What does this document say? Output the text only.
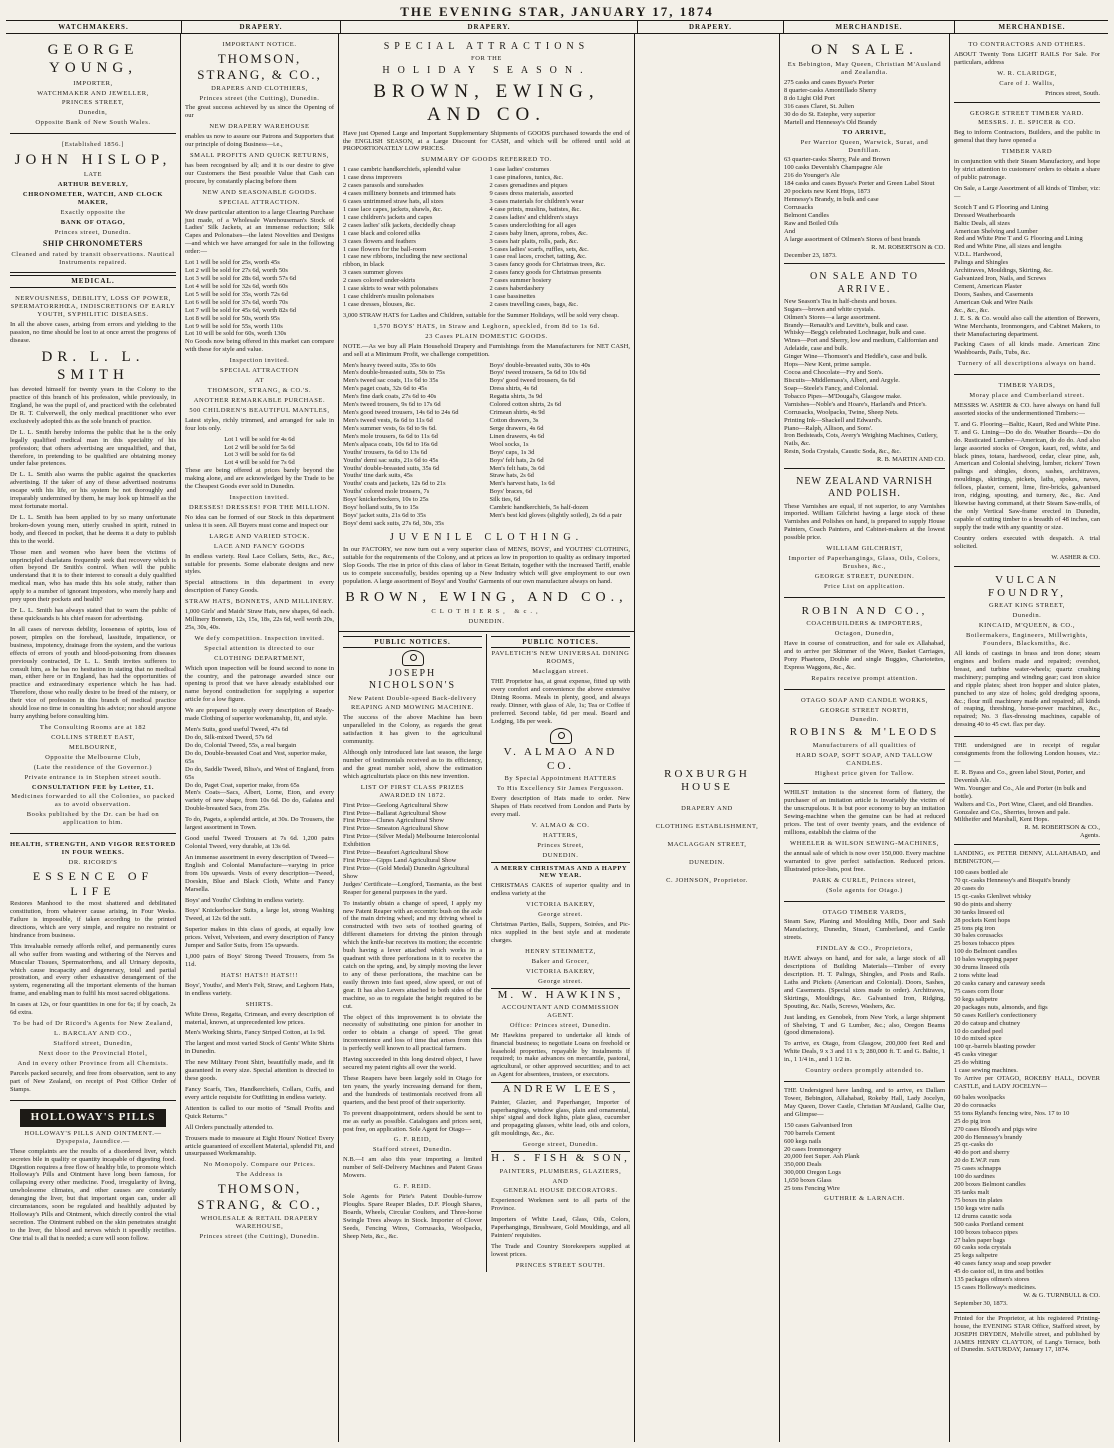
THE EVENING STAR, JANUARY 17, 1874
WATCHMAKERS.	DRAPERY.	DRAPERY.	DRAPERY.	MERCHANDISE.	MERCHANDISE.
GEORGE YOUNG,
IMPORTER,
WATCHMAKER AND JEWELLER,
PRINCES STREET,
Dunedin,
Opposite Bank of New South Wales.
[Established 1856.]
JOHN HISLOP,
LATE
ARTHUR BEVERLY,
CHRONOMETER, WATCH, AND CLOCK MAKER,
Exactly opposite the
BANK OF OTAGO,
Princes street, Dunedin.
SHIP CHRONOMETERS
Cleaned and rated by transit observations. Nautical Instruments repaired.
MEDICAL.
NERVOUSNESS, DEBILITY, LOSS OF POWER, SPERMATORRHŒA, INDISCRETIONS OF EARLY YOUTH, SYPHILITIC DISEASES.

In all the above cases, arising from errors and yielding to the passion, no time should be lost to at once arrest the progress of disease.

DR. L. L. SMITH

has devoted himself for twenty years in the Colony to the practice of this branch of his profession, while previously, in England, he was the pupil of, and practiced with the celebrated Dr R. T. Culverwell, the only medical practitioner who ever exclusively adopted this as the sole branch of practice.

Dr L. L. Smith hereby informs the public that he is the only legally qualified medical man in this speciality of his profession; that others advertising are unqualified, and that, therefore, in pretending to be qualified are obtaining money under false pretences.

Dr L. L. Smith also warns the public against the quackeries advertising. If the taker of any of these advertised nostrums escape with his life, or his system be not thoroughly and irreparably undermined by them, he may look up himself as the most fortunate mortal.

Dr L. L. Smith has been applied to by so many unfortunate broken-down young men, utterly crushed in spirit, ruined in body, and fleeced in pocket, that he deems it a duty to publish this to the world.

Those men and women who have been the victims of unprincipled charlatans frequently seek that recovery which is often beyond Dr Smith's control. When will the public understand that it is to their interest to consult a duly qualified medical man, who has made this his sole study, rather than apply to a number of ignorant impostors, who merely harp and prey upon their pockets and health?

Dr L. L. Smith has always stated that to warn the public of these quicksands is his chief reason for advertising.

In all cases of nervous debility, looseness of spirits, loss of power, pimples on the forehead, lassitude, impatience, or business, impotency, drainage from the system, and the various effects of errors of youth and blood-poisoning from diseases previously contracted, Dr L. L. Smith invites sufferers to consult him, as he has no hesitation in stating that no medical man, either here or in England, has had the opportunities of practice and extraordinary experience which he has had. Therefore, those who really desire to be freed of the misery, or their vice of profession in this branch of medical practice should lose no time in consulting his advice; nor should anyone hurry anything before consulting him.

The Consulting Rooms are at 182
COLLINS STREET EAST,
MELBOURNE,
Opposite the Melbourne Club,
(Late the residence of the Governor.)
Private entrance is in Stephen street south.
CONSULTATION FEE by Letter, £1.
Medicines forwarded to all the Colonies, so packed as to avoid observation.
Books published by the Dr. can be had on application to him.
HEALTH, STRENGTH, AND VIGOR RESTORED IN FOUR WEEKS.
DR. RICORD'S
ESSENCE OF LIFE

Restores Manhood to the most shattered and debilitated constitution, from whatever cause arising, in Four Weeks. Failure is impossible, if taken according to the printed directions, which are very simple, and require no restraint or hindrance from business.

This invaluable remedy affords relief, and permanently cures all who suffer from wasting and withering of the Nerves and Muscular Tissues, Spermatorrhœa, and all Urinary deposits, which cause incapacity and degeneracy, total and partial prostration, and every other exhaustive derangement of the system, regenerating all the important elements of the human frame, and enabling man to fulfil his most sacred obligations.

In cases at 12s, or four quantities in one for 6s; if by coach, 2s 6d extra.

To be had of Dr Ricord's Agents for New Zealand,
L. BARCLAY AND CO.,
Stafford street, Dunedin,
Next door to the Provincial Hotel,
And in every other Province from all Chemists.

Parcels packed securely, and free from observation, sent to any part of New Zealand, on receipt of Post Office Order of Stamps.

HOLLOWAY'S PILLS
HOLLOWAY'S PILLS AND OINTMENT.—Dyspepsia, Jaundice.—

These complaints are the results of a disordered liver, which secretes bile in quality or quantity incapable of digesting food. Digestion requires a free flow of healthy bile, to promote which Holloway's Pills and Ointment have long been famous, for collapsing every other medicine. Food, irregularity of living, unwholesome climates, and other causes are constantly deranging the liver, but that important organ can, under all circumstances, soon be regulated and healthily adjusted by Holloway's Pills and Ointment, which directly control the vital secretion. The Ointment rubbed on the skin penetrates straight to the liver, the blood and nerves which it speedily rectifies. One trial is all that is needed; a cure will soon follow.

IMPORTANT NOTICE.
THOMSON, STRANG, & CO.,
DRAPERS AND CLOTHIERS,
Princes street (the Cutting), Dunedin.

The great success achieved by us since the Opening of our

NEW DRAPERY WAREHOUSE

enables us now to assure our Patrons and Supporters that our principle of doing Business—i.e.,

SMALL PROFITS AND QUICK RETURNS,

has been recognised by all; and it is our desire to give our Customers the Best possible Value that Cash can procure, by constantly placing before them

NEW AND SEASONABLE GOODS.
SPECIAL ATTRACTION.

We draw particular attention to a large Clearing Purchase just made, of a Wholesale Warehouseman's Stock of Ladies' Silk Jackets, at an immense reduction; Silk Capes and Polonaises—the latest Novelties and Designs—and which we have arranged for sale in the following order:—

Lot 1 will be sold for 25s, worth 45s
Lot 2 will be sold for 27s 6d, worth 50s
Lot 3 will be sold for 28s 6d, worth 57s 6d
Lot 4 will be sold for 32s 6d, worth 60s
Lot 5 will be sold for 35s, worth 72s 6d
Lot 6 will be sold for 37s 6d, worth 70s
Lot 7 will be sold for 45s 6d, worth 82s 6d
Lot 8 will be sold for 50s, worth 95s
Lot 9 will be sold for 55s, worth 110s
Lot 10 will be sold for 60s, worth 130s

No Goods now being offered in this market can compare with these for style and value.

Inspection invited.
SPECIAL ATTRACTION
AT
THOMSON, STRANG, & CO.'S.
ANOTHER REMARKABLE PURCHASE.
500 CHILDREN'S BEAUTIFUL MANTLES,

Latest styles, richly trimmed, and arranged for sale in four lots only.

Lot 1 will be sold for 4s 6d
Lot 2 will be sold for 5s 6d
Lot 3 will be sold for 6s 6d
Lot 4 will be sold for 7s 6d

These are being offered at prices barely beyond the making alone, and are acknowledged by the Trade to be the Cheapest Goods ever sold in Dunedin.

Inspection invited.
DRESSES! DRESSES! FOR THE MILLION.

No idea can be formed of our Stock in this department unless it is seen. All Buyers must come and inspect our

LARGE AND VARIED STOCK.
LACE AND FANCY GOODS

In endless variety. Real Lace Collars, Setts, &c., &c., suitable for presents. Some elaborate designs and new styles.

Special attractions in this department in every description of Fancy Goods.

STRAW HATS, BONNETS, AND MILLINERY.

1,000 Girls' and Maids' Straw Hats, new shapes, 6d each. Millinery Bonnets, 12s, 15s, 18s, 22s 6d, well worth 20s, 25s, 30s, 40s.

We defy competition. Inspection invited.
Special attention is directed to our
CLOTHING DEPARTMENT,

Which upon inspection will be found second to none in the country, and the patronage awarded since our opening is proof that we have already established our name beyond contradiction for supplying a superior article for a low figure.

We are prepared to supply every description of Ready-made Clothing of superior workmanship, fit, and style.

Men's Suits, good useful Tweed, 47s 6d
Do do, Silk-mixed Tweed, 57s 6d
Do do, Colonial Tweed, 55s, a real bargain
Do do, Double-breasted Coat and Vest, superior make, 65s
Do do, Saddle Tweed, Bliss's, and West of England, from 65s
Do do, Paget Coat, superior make, from 65s

Men's Coats—Sacs, Albert, Lorne, Eton, and every variety of new shape, from 10s 6d. Do do, Galatea and Double-breasted Sacs, from 25s.

To do, Pagets, a splendid article, at 30s. Do Trousers, the largest assortment in Town.

Good useful Tweed Trousers at 7s 6d. 1,200 pairs Colonial Tweed, very durable, at 13s 6d.

An immense assortment in every description of Tweed—English and Colonial Manufacture—varying in price from 10s upwards. Vests of every description—Tweed, Doeskin, Blue and Black Cloth, White and Fancy Marsella.

Boys' and Youths' Clothing in endless variety.

Boys' Knickerbocker Suits, a large lot, strong Washing Tweed, at 12s 6d the suit.

Superior makes in this class of goods, at equally low prices. Velvet, Velveteen, and every description of Fancy Jumper and Sailor Suits, from 15s upwards.

1,000 pairs of Boys' Strong Tweed Trousers, from 5s 11d.

HATS! HATS!! HATS!!!

Boys', Youths', and Men's Felt, Straw, and Leghorn Hats, in endless variety.

SHIRTS.

White Dress, Regatta, Crimean, and every description of material, known, at unprecedented low prices.

Men's Working Shirts, Fancy Striped Cotton, at 1s 9d.

The largest and most varied Stock of Gents' White Shirts in Dunedin.

The new Military Front Shirt, beautifully made, and fit guaranteed in every size. Special attention is directed to these goods.

Fancy Scarfs, Ties, Handkerchiefs, Collars, Cuffs, and every article requisite for Outfitting in endless variety.

Attention is called to our motto of "Small Profits and Quick Returns."

All Orders punctually attended to.

Trousers made to measure at Eight Hours' Notice! Every article guaranteed of excellent Material, splendid Fit, and unsurpassed Workmanship.

No Monopoly. Compare our Prices.
The Address is
THOMSON, STRANG, & CO.,
WHOLESALE & RETAIL DRAPERY WAREHOUSE,
Princes street (the Cutting), Dunedin.
SPECIAL ATTRACTIONS
FOR THE
HOLIDAY SEASON.
BROWN, EWING, AND CO.

Have just Opened Large and Important Supplementary Shipments of GOODS purchased towards the end of the ENGLISH SEASON, at a Large Discount for CASH, and which will be offered until sold at PROPORTIONATELY LOW PRICES.

SUMMARY OF GOODS REFERRED TO.
1 case cambric handkerchiefs, splendid value
1 case dress improvers
2 cases parasols and sunshades
4 cases millinery bonnets and trimmed hats
6 cases untrimmed straw hats, all sizes
1 case lace capes, jackets, shawls, &c.
1 case children's jackets and capes
2 cases ladies' silk jackets, decidedly cheap
1 case black and colored silks
3 cases flowers and feathers
1 case flowers for the ball-room
1 case new ribbons, including the new sectional ribbon, in black
3 cases summer gloves
2 cases colored under-skirts
1 case skirts to wear with polonaises
1 case children's muslin polonaises
1 case dresses, blouses, &c.
1 case ladies' costumes
1 case pinafores, tunics, &c.
2 cases grenadines and piques
9 cases dress materials, assorted
3 cases materials for children's wear
4 case prints, muslins, batistes, &c.
2 cases ladies' and children's stays
5 cases underclothing for all ages
2 cases baby linen, aprons, robes, &c.
3 cases hair plaits, rolls, pads, &c.
5 cases ladies' scarfs, ruffles, sets, &c.
1 case real laces, crochet, tatting, &c.
3 cases fancy goods for Christmas trees, &c.
2 cases fancy goods for Christmas presents
7 cases summer hosiery
2 cases haberdashery
1 case bassinettes
2 cases travelling cases, bags, &c.

3,000 STRAW HATS for Ladies and Children, suitable for the Summer Holidays, will be sold very cheap.

1,570 BOYS' HATS, in Straw and Leghorn, speckled, from 8d to 1s 6d.
23 Cases PLAIN DOMESTIC GOODS.

NOTE.—As we buy all Plain Household Drapery and Furnishings from the Manufacturers for NET CASH, and sell at a Minimum Profit, we challenge competition.

Men's heavy tweed suits, 35s to 60s
Men's double-breasted suits, 50s to 75s
Men's tweed sac coats, 11s 6d to 35s
Men's paget coats, 32s 6d to 45s
Men's fine dark coats, 27s 6d to 40s
Men's tweed trousers, 9s 6d to 17s 6d
Men's good tweed trousers, 14s 6d to 24s 6d
Men's tweed vests, 6s 6d to 11s 6d
Men's summer vests, 6s 6d to 9s 6d.
Men's mole trousers, 6s 6d to 11s 6d
Men's alpaca coats, 10s 6d to 16s 6d
Youths' trousers, 6s 6d to 13s 6d
Youths' demi sac suits, 21s 6d to 45s
Youths' double-breasted suits, 35s 6d
Youths' tine dark suits, 45s
Youths' coats and jackets, 12s 6d to 21s
Youths' colored mole trousers, 7s
Boys' knickerbockers, 10s to 25s
Boys' holland suits, 9s to 15s
Boys' jacket suits, 21s 6d to 35s
Boys' demi sack suits, 27s 6d, 30s, 35s
Boys' double-breasted suits, 30s to 40s
Boys' tweed trousers, 5s 6d to 10s 6d
Boys' good tweed trousers, 6s 6d
Dress shirts, 4s 6d
Regatta shirts, 3s 9d
Colored cotton shirts, 2s 6d
Crimean shirts, 4s 9d
Cotton drawers, 3s
Serge drawers, 4s 6d
Linen drawers, 4s 6d
Wool socks, 1s
Boys' caps, 1s 3d
Boys' felt hats, 2s 6d
Men's felt hats, 3s 6d
Straw hats, 2s 6d
Men's harvest hats, 1s 6d
Boys' braces, 6d
Silk ties, 6d
Cambric handkerchiefs, 5s half-dozen
Men's best kid gloves (slightly soiled), 2s 6d a pair
JUVENILE CLOTHING.

In our FACTORY, we now turn out a very superior class of MEN'S, BOYS', and YOUTHS' CLOTHING, suitable for the requirements of the Colony, and at prices as low in proportion to quality as ordinary imported Slop Goods. The rise in price of this class of labor in Great Britain, together with the increased Tariff, enable us to compete successfully, besides opening up a New Industry which will give employment to our own population. A large assortment of Boys' and Youths' Garments of our own manufacture always on hand.

BROWN, EWING, AND CO.,
CLOTHIERS, &c.,
DUNEDIN.
PUBLIC NOTICES.
JOSEPH NICHOLSON'S
New Patent Double-speed Back-delivery
REAPING AND MOWING MACHINE.

The success of the above Machine has been unparalleled in the Colony, as regards the great satisfaction it has given to the agricultural community.

Although only introduced late last season, the large number of testimonials received as to its efficiency, and the great number sold, show the estimation which agriculturists place on this new invention.

LIST OF FIRST CLASS PRIZES AWARDED IN 1872.
First Prize—Geelong Agricultural Show
First Prize—Ballarat Agricultural Show
First Prize—Clunes Agricultural Show
First Prize—Smeaton Agricultural Show
First Prize—(Silver Medal) Melbourne Intercolonial Exhibition
First Prize—Beaufort Agricultural Show
First Prize—Gipps Land Agricultural Show
First Prize—(Gold Medal) Dunedin Agricultural Show

Judges' Certificate—Longford, Tasmania, as the best Reaper for general purposes in the yard.

To instantly obtain a change of speed, I apply my new Patent Reaper with an eccentric bush on the axle of the main driving wheel; and my driving wheel is constructed with two sets of toothed gearing of different diameters for driving the pinion through which the knife-bar receives its motion; the eccentric bush having a lever attached which works in a quadrant with three perforations in it to receive the catch on the spring, and, by simply moving the lever to any of these perforations, the machine can be easily thrown into fast speed, slow speed, or out of gear. It has also Levers attached to both sides of the machine, so as to regulate the height required to be cut.

The object of this improvement is to obviate the necessity of substituting one pinion for another in order to obtain a change of speed. The great inconvenience and loss of time that arises from this is perfectly well known to all practical farmers.

Having succeeded in this long desired object, I have secured my patent rights all over the world.

These Reapers have been largely sold in Otago for ten years, the yearly increasing demand for them, and the hundreds of testimonials received from all quarters, and the best proof of their superiority.

To prevent disappointment, orders should be sent to me as early as possible. Catalogues and prices sent, post free, on application. Sole Agent for Otago—

G. F. REID,
Stafford street, Dunedin.

N.B.—I am also this year importing a limited number of Self-Delivery Machines and Patent Grass Mowers.

G. F. REID.

Sole Agents for Pirie's Patent Double-furrow Ploughs. Spare Reaper Blades, D.F. Plough Shares, Boards, Wheels, Circular Coulters, and Three-horse Swingle Trees always in Stock. Importer of Clover Seeds, Fencing Wires, Corrusacks, Woolpacks, Sheep Nets, &c., &c.

PUBLIC NOTICES.
PAVLETICH'S NEW UNIVERSAL DINING ROOMS,
Maclaggan street.

THE Proprietor has, at great expense, fitted up with every comfort and convenience the above extensive Dining Rooms. Meals in plenty, good, and always ready. Dinner, with glass of Ale, 1s; Tea or Coffee if preferred. Second table, 6d per meal. Board and Lodging, 18s per week.

V. ALMAO AND CO.
By Special Appointment HATTERS
To His Excellency Sir James Fergusson.

Every description of Hats made to order. New Shapes of Hats received from London and Paris by every mail.

V. ALMAO & CO.
HATTERS,
Princes Street,
DUNEDIN.
A MERRY CHRISTMAS AND A HAPPY NEW YEAR.

CHRISTMAS CAKES of superior quality and in endless variety at the

VICTORIA BAKERY,
George street.

Christmas Parties, Balls, Suppers, Soirées, and Pic-nics supplied in the best style and at moderate charges.

HENRY STEINMETZ,
Baker and Grocer,
VICTORIA BAKERY,
George street.
M. W. HAWKINS,
ACCOUNTANT AND COMMISSION AGENT.
Office: Princes street, Dunedin.

Mr Hawkins prepared to undertake all kinds of financial business; to negotiate Loans on freehold or leasehold properties, repayable by instalments if required; to make advances on mercantile, pastoral, agricultural, or other approved securities; and to act as Agent for absentees, trustees, or executors.

ANDREW LEES,

Painter, Glazier, and Paperhanger, Importer of paperhangings, window glass, plain and ornamental, ships' signal and dock lights, plate glass, cucumber and propagating glasses, white lead, oils and colors, gilt mouldings, &c., &c.

George street, Dunedin.
H. S. FISH & SON,
PAINTERS, PLUMBERS, GLAZIERS,
AND
GENERAL HOUSE DECORATORS.

Experienced Workmen sent to all parts of the Province.

Importers of White Lead, Glass, Oils, Colors, Paperhangings, Brushware, Gold Mouldings, and all Painters' requisites.

The Trade and Country Storekeepers supplied at lowest prices.

PRINCES STREET SOUTH.
ROXBURGH HOUSE
DRAPERY AND
CLOTHING ESTABLISHMENT,
MACLAGGAN STREET,
DUNEDIN.
C. JOHNSON, Proprietor.
ON SALE.
Ex Bebington, May Queen, Christian M'Ausland and Zealandia.
275 casks and cases Bysse's Porter
8 quarter-casks Amontillado Sherry
8 do Light Old Port
316 cases Claret, St. Julien
30 do do St. Estephe, very superior
Martell and Hennessy's Old Brandy
TO ARRIVE,
Per Warrior Queen, Warwick, Surat, and Dunfillan.
63 quarter-casks Sherry, Pale and Brown
100 casks Devenish's Champagne Ale
216 do Younger's Ale
184 casks and cases Bysse's Porter and Green Label Stout
20 pockets new Kent Hops, 1873
Hennessy's Brandy, in bulk and case
Corrusacks
Belmont Candles
Raw and Boiled Oils
And
A large assortment of Oilmen's Stores of best brands
R. M. ROBERTSON & CO.
December 23, 1873.
ON SALE AND TO ARRIVE.
New Season's Tea in half-chests and boxes.
Sugars—brown and white crystals.
Oilmen's Stores—a large assortment.
Brandy—Renault's and Levitte's, bulk and case.
Whisky—Begg's celebrated Lochnagar, bulk and case.
Wines—Port and Sherry, low and medium, Californian and Adelaide, case and bulk.
Ginger Wine—Thomson's and Heddle's, case and bulk.
Hops—New Kent, prime sample.
Cocoa and Chocolate—Fry and Son's.
Biscuits—Middlemass's, Albert, and Argyle.
Soap—Steele's Fancy, and Colonial.
Tobacco Pipes—M'Dougal's, Glasgow make.
Varnishes—Noble's and Hoare's, Harland's and Price's.
Corrusacks, Woolpacks, Twine, Sheep Nets.
Printing Ink—Shackell and Edward's.
Piano—Ralph, Allison, and Sons'.
Iron Bedsteads, Cots, Avery's Weighing Machines, Cutlery, Nails, &c.
Resin, Soda Crystals, Caustic Soda, &c., &c.
R. B. MARTIN AND CO.
NEW ZEALAND VARNISH AND POLISH.

These Varnishes are equal, if not superior, to any Varnishes imported. William Gilchrist having a large stock of these Varnishes and Polishes on hand, is prepared to supply House Painters, Coach Painters, and Cabinet-makers at the lowest possible price.

WILLIAM GILCHRIST,
Importer of Paperhangings, Glass, Oils, Colors, Brushes, &c.,
GEORGE STREET, DUNEDIN.
Price List on application.
ROBIN AND CO.,
COACHBUILDERS & IMPORTERS,
Octagon, Dunedin,

Have in course of construction, and for sale ex Allahabad, and to arrive per Skimmer of the Wave, Basket Carriages, Pony Phaetons, Double and single Buggies, Chariotettes, Express Waggons, &c., &c.

Repairs receive prompt attention.
OTAGO SOAP AND CANDLE WORKS,
GEORGE STREET NORTH,
Dunedin.
ROBINS & M'LEODS
Manufacturers of all qualities of
HARD SOAP, SOFT SOAP, AND TALLOW CANDLES.
Highest price given for Tallow.

WHILST imitation is the sincerest form of flattery, the purchaser of an imitation article is invariably the victim of the unscrupulous. It is but poor economy to buy an imitation Sewing-machine when the genuine can be had at reduced prices. The test of over twenty years, and the evidence of millions, establish the claims of the

WHEELER & WILSON SEWING-MACHINES,

the annual sale of which is now over 150,000. Every machine warranted to give perfect satisfaction. Reduced prices. Illustrated price-lists, post free.

PARK & CURLE, Princes street,
(Sole agents for Otago.)
OTAGO TIMBER YARDS,

Steam Saw, Planing and Moulding Mills, Door and Sash Manufactory, Dunedin, Stuart, Cumberland, and Castle streets.

FINDLAY & CO., Proprietors,

HAVE always on hand, and for sale, a large stock of all descriptions of Building Materials—Timber of every description. H. T. Palings, Shingles, and Posts and Rails. Laths and Pickets (American and Colonial). Doors, Sashes, and Casements. (Special sizes made to order). Architraves, Skirtings, Mouldings, &c. Galvanised Iron, Ridging, Spouting, &c. Nails, Screws, Washers, &c.

Just landing, ex Genobek, from New York, a large shipment of Shelving, T and G Lumber, &c.; also, Oregon Beams (good dimensions).

To arrive, ex Otago, from Glasgow, 200,000 feet Red and White Deals, 9 x 3 and 11 x 3; 280,000 ft. T. and G. Baltic, 1 in., 1 1/4 in., and 1 1/2 in.

Country orders promptly attended to.

THE Undersigned have landing, and to arrive, ex Dallam Tower, Bebington, Allahabad, Rokeby Hall, Lady Jocelyn, May Queen, Dover Castle, Christian M'Ausland, Gallie Oar, and Glimpse—

150 cases Galvanised Iron
700 barrels Cement
600 kegs nails
20 cases Ironmongery
20,000 feet Super. Ash Plank
350,000 Deals
300,000 Oregon Logs
1,650 boxes Glass
25 tons Fencing Wire
GUTHRIE & LARNACH.
TO CONTRACTORS AND OTHERS.

ABOUT Twenty Tons LIGHT RAILS For Sale. For particulars, address

W. R. CLARIDGE,
Care of J. Wallis,
Princes street, South.
GEORGE STREET TIMBER YARD.
MESSRS. J. E. SPICER & CO.

Beg to inform Contractors, Builders, and the public in general that they have opened a

TIMBER YARD

in conjunction with their Steam Manufactory, and hope by strict attention to customers' orders to obtain a share of public patronage.

On Sale, a Large Assortment of all kinds of Timber, viz:—

Scotch T and G Flooring and Lining
Dressed Weatherboards
Baltic Deals, all sizes
American Shelving and Lumber
Red and White Pine T and G Flooring and Lining
Red and White Pine, all sizes and lengths
V.D.L. Hardwood,
Palings and Shingles
Architraves, Mouldings, Skirting, &c.
Galvanized Iron, Nails, and Screws
Cement, American Plaster
Doors, Sashes, and Casements
American Oak and Wire Nails
&c., &c., &c.

J. E. S. & Co. would also call the attention of Brewers, Wine Merchants, Ironmongers, and Cabinet Makers, to their Manufacturing department.

Packing Cases of all kinds made. American Zinc Washboards, Pails, Tubs, &c.

Turnery of all descriptions always on hand.
TIMBER YARDS,
Moray place and Cumberland street.

MESSRS W. ASHER & CO. have always on hand full assorted stocks of the undermentioned Timbers:—

T. and G. Flooring—Baltic, Kauri, Red and White Pine. T. and G. Lining—Do do do. Weather Boards—Do do do. Rusticated Lumber—American, do do do. And also large assorted stocks of Oregon, kauri, red, white, and black pines, totara, hardwood, cedar, clear pine, ash, American and Colonial shelving, lumber, rickers' Town palings and shingles, doors, sashes, architraves, mouldings, skirtings, pickets, laths, spokes, naves, felloes, plaster, cement, lime, fire-bricks, galvanised iron, ridging, spouting, and turnery, &c., &c. And likewise having command, at their Steam Saw-mills, of the only Vertical Saw-frame erected in Dunedin, capable of cutting timber to a breadth of 48 inches, can supply the trade with any quantity or size.

Country orders executed with despatch. A trial solicited.

W. ASHER & CO.
VULCAN FOUNDRY,
GREAT KING STREET,
Dunedin.
KINCAID, M'QUEEN, & CO.,
Boilermakers, Engineers, Millwrights, Founders, Blacksmiths, &c.

All kinds of castings in brass and iron done; steam engines and boilers made and repaired; overshot, breast, and turbine water-wheels; quartz crushing machinery; pumping and winding gear; cast iron sluice and ripple plates; sheet iron hopper and sluice plates, punched to any size of holes; gold dredging spoons, &c.; flour mill machinery made and repaired; all kinds of reaping, threshing, horse-power machines, &c., repaired; No. 3 flax-dressing machines, capable of dressing 40 to 45 cwt. flax per day.

THE undersigned are in receipt of regular consignments from the following London houses, viz.:—

E. R. Byass and Co., green label Stout, Porter, and Devenish Ale.
Wm. Younger and Co., Ale and Porter (in bulk and bottle).
Walters and Co., Port Wine, Claret, and old Brandies.
Gonzalez and Co., Sherries, brown and pale.
Miltheifer and Marshall, Kent Hops.
R. M. ROBERTSON & CO.,
Agents.

LANDING, ex PETER DENNY, ALLAHABAD, and BEBINGTON,—

100 cases bottled ale
70 qr.-casks Hennessy's and Bisquit's brandy
20 cases do
15 qr.-casks Glenlivet whisky
90 do pints and sherry
30 tanks linseed oil
28 pockets Kent hops
25 tons pig iron
30 bales corusacks
25 boxes tobacco pipes
100 do Belmont candles
10 bales wrapping paper
30 drums linseed oils
2 tons white lead
20 casks canary and caraway seeds
75 cases corn flour
50 kegs saltpetre
20 packages nuts, almonds, and figs
50 cases Keiller's confectionery
20 do catsup and chutney
10 do candied peel
10 do mixed spice
100 qr.-barrels blasting powder
45 casks vinegar
25 do whiting
1 case sewing machines.

To Arrive per OTAGO, ROKEBY HALL, DOVER CASTLE, and LADY JOCELYN—

60 bales woolpacks
20 do corusacks
55 tons Ryland's fencing wire, Nos. 17 to 10
25 do pig iron
270 cases Blood's and pigs wire
200 do Hennessy's brandy
25 qr.-casks do
40 do port and sherry
20 do E.W.P. rum
75 cases schnapps
100 do sardines
200 boxes Belmont candles
35 tanks malt
75 boxes tin plates
150 kegs wire nails
12 drums caustic soda
500 casks Portland cement
100 boxes tobacco pipes
27 bales paper bags
60 casks soda crystals
25 kegs saltpetre
40 cases fancy soap and soap powder
45 do castor oil, in tins and bottles
135 packages oilmen's stores
15 cases Holloway's medicines.
W. & G. TURNBULL & CO.
September 30, 1873.

Printed for the Proprietor, at his registered Printing-house, the EVENING STAR Office, Stafford street, by JOSEPH DRYDEN, Melville street, and published by JAMES HENRY CLAYTON, of Lang's Terrace, both of Dunedin. SATURDAY, January 17, 1874.
